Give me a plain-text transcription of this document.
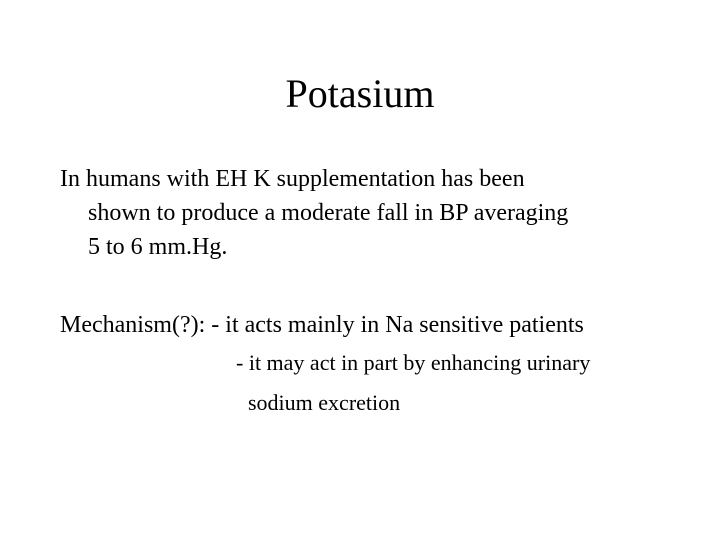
Potasium
In humans with EH K supplementation has been
shown to produce a moderate fall in BP averaging
5 to 6 mm.Hg.
Mechanism(?): - it acts mainly in Na sensitive patients
- it may act in part by enhancing urinary
sodium excretion
